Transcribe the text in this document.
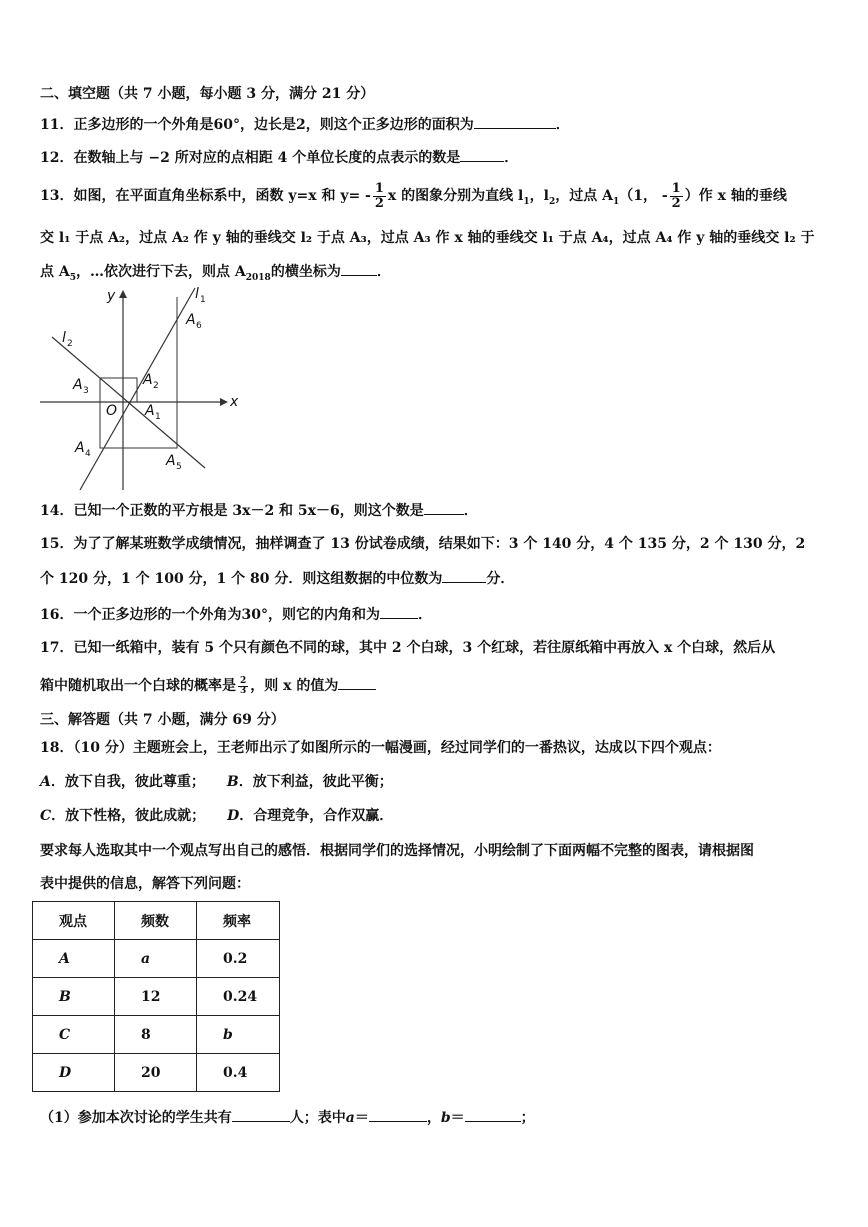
二、填空题（共 7 小题，每小题 3 分，满分 21 分）
11．正多边形的一个外角是60°，边长是2，则这个正多边形的面积为	．
12．在数轴上与 −2 所对应的点相距 4 个单位长度的点表示的数是	．
13．如图，在平面直角坐标系中，函数 y=x 和 $y= - \frac{1}{2}$ x 的图象分别为直线 $l_1$，$l_2$，过点 $A_1(1$， - $\frac{1}{2}$ ）作 x 轴的垂线
交 l₁ 于点 A₂，过点 A₂ 作 y 轴的垂线交 l₂ 于点 A₃，过点 A₃ 作 x 轴的垂线交 l₁ 于点 A₄，过点 A₄ 作 y 轴的垂线交 l₂ 于
点 $A_5$，…依次进行下去，则点 $A_{2018}$的横坐标为	．
x
y
O
l 1
l 2
A 1
A 2
A 3
A 4	A 5
A 6
14．已知一个正数的平方根是 3x－2 和 5x－6，则这个数是	．
15．为了了解某班数学成绩情况，抽样调查了 13 份试卷成绩，结果如下：3 个 140 分，4 个 135 分，2 个 130 分，2
个 120 分，1 个 100 分，1 个 80 分．则这组数据的中位数为	分．
16．一个正多边形的一个外角为30°，则它的内角和为	．
17．已知一纸箱中，装有 5 个只有颜色不同的球，其中 2 个白球，3 个红球，若往原纸箱中再放入 x 个白球，然后从
箱中随机取出一个白球的概率是 $\frac{2}{3}$ ，则 x 的值为
三、解答题（共 7 小题，满分 69 分）
18．（10 分）主题班会上，王老师出示了如图所示的一幅漫画，经过同学们的一番热议，达成以下四个观点：
A．放下自我，彼此尊重； B．放下利益，彼此平衡；
C．放下性格，彼此成就； D．合理竞争，合作双赢．
要求每人选取其中一个观点写出自己的感悟．根据同学们的选择情况，小明绘制了下面两幅不完整的图表，请根据图
表中提供的信息，解答下列问题：
观点	频数	频率
A	a	0.2
B	12	0.24
C	8	b
D	20	0.4
（1）参加本次讨论的学生共有	人；表中a＝	，b＝	；
